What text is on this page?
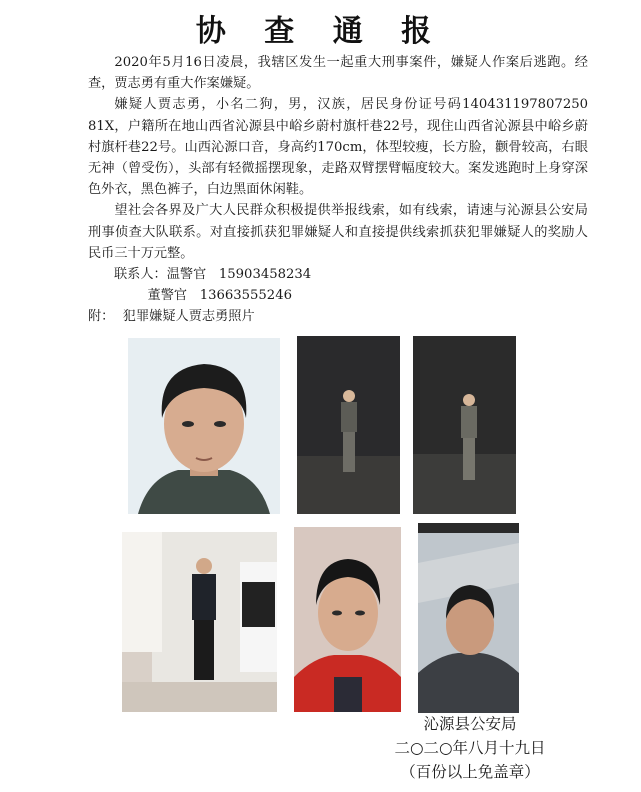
协 查 通 报

2020年5月16日凌晨，我辖区发生一起重大刑事案件，嫌疑人作案后逃跑。经查，贾志勇有重大作案嫌疑。

嫌疑人贾志勇，小名二狗，男，汉族，居民身份证号码140431197807250​81X，户籍所在地山西省沁源县中峪乡蔚村旗杆巷22号，现住山西省沁源县中峪乡蔚村旗杆巷22号。山西沁源口音，身高约170cm，体型较瘦，长方脸，颧骨较高，右眼无神（曾受伤），头部有轻微摇摆现象，走路双臂摆臂幅度较大。案发逃跑时上身穿深色外衣，黑色裤子，白边黑面休闲鞋。

望社会各界及广大人民群众积极提供举报线索，如有线索，请速与沁源县公安局刑事侦查大队联系。对直接抓获犯罪嫌疑人和直接提供线索抓获犯罪嫌疑人的奖励人民币三十万元整。

联系人：温警官 15903458234
董警官 13663555246
附：  犯罪嫌疑人贾志勇照片
沁源县公安局
二○二○年八月十九日
（百份以上免盖章）
